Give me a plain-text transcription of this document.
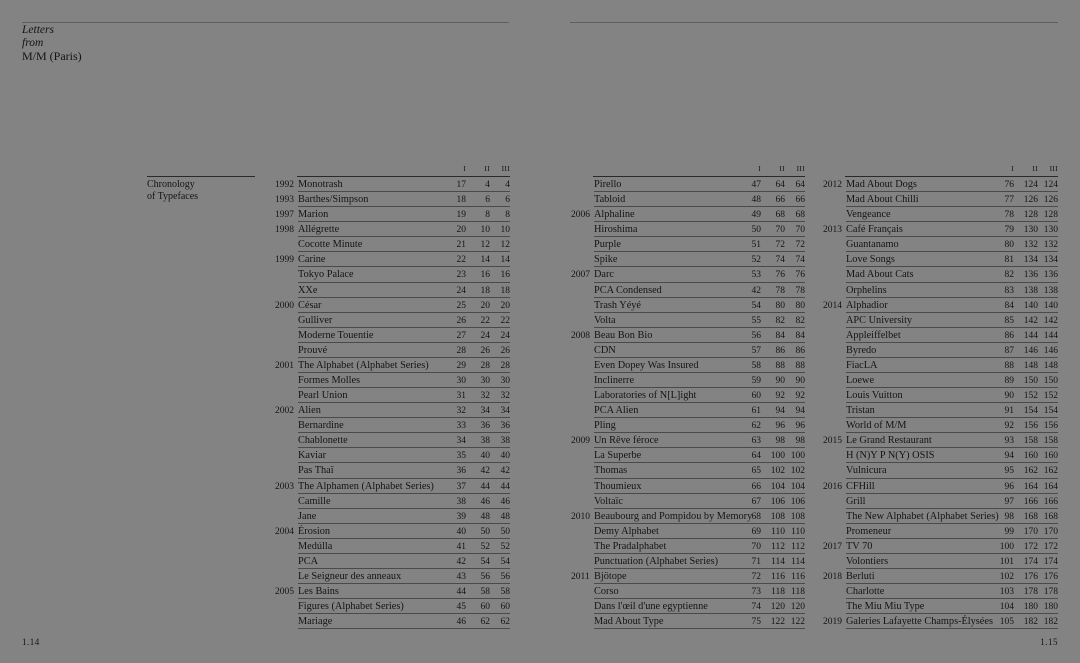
Letters
from
M/M (Paris)
Chronology
of Typefaces
I II III
1992 Monotrash	17 4 4
1993 Barthes/Simpson	18 6 6
1997 Marion	19 8 8
1998 Allégrette	20 10 10
Cocotte Minute	21 12 12
1999 Carine	22 14 14
Tokyo Palace	23 16 16
XXe	24 18 18
2000 César	25 20 20
Gulliver	26 22 22
Moderne Touentie	27 24 24
Prouvé	28 26 26
2001 The Alphabet (Alphabet Series)	29 28 28
Formes Molles	30 30 30
Pearl Union	31 32 32
2002 Alien	32 34 34
Bernardine	33 36 36
Chablonette	34 38 38
Kaviar	35 40 40
Pas Thaï	36 42 42
2003 The Alphamen (Alphabet Series) 37 44 44
Camille	38 46 46
Jane	39 48 48
2004 Érosion	40 50 50
Medúlla	41 52 52
PCA	42 54 54
Le Seigneur des anneaux	43 56 56
2005 Les Bains	44 58 58
Figures (Alphabet Series)	45 60 60
Mariage	46 62 62
I II III
Pirello	47 64 64
Tabloid	48 66 66
2006 Alphaline	49 68 68
Hiroshima	50 70 70
Purple	51 72 72
Spike	52 74 74
2007 Darc	53 76 76
PCA Condensed	42 78 78
Trash Yéyé	54 80 80
Volta	55 82 82
2008 Beau Bon Bio	56 84 84
CDN	57 86 86
Even Dopey Was Insured	58 88 88
Inclinerre	59 90 90
Laboratories of N[L]ight	60 92 92
PCA Alien	61 94 94
Pling	62 96 96
2009 Un Rêve féroce	63 98 98
La Superbe	64 100 100
Thomas	65 102 102
Thoumieux	66 104 104
Voltaïc	67 106 106
2010 Beaubourg and Pompidou by Memory 68 108 108
Demy Alphabet	69 110 110
The Pradalphabet	70 112 112
Punctuation (Alphabet Series)	71 114 114
2011 Bjötope	72 116 116
Corso	73 118 118
Dans l'œil d'une egyptienne	74 120 120
Mad About Type	75 122 122
I II III
2012 Mad About Dogs	76 124 124
Mad About Chilli	77 126 126
Vengeance	78 128 128
2013 Café Français	79 130 130
Guantanamo	80 132 132
Love Songs	81 134 134
Mad About Cats	82 136 136
Orphelins	83 138 138
2014 Alphadior	84 140 140
APC University	85 142 142
Appleiffelbet	86 144 144
Byredo	87 146 146
FiacLA	88 148 148
Loewe	89 150 150
Louis Vuitton	90 152 152
Tristan	91 154 154
World of M/M	92 156 156
2015 Le Grand Restaurant	93 158 158
H (N)Y P N(Y) OSIS	94 160 160
Vulnicura	95 162 162
2016 CFHill	96 164 164
Grill	97 166 166
The New Alphabet (Alphabet Series) 98 168 168
Promeneur	99 170 170
2017 TV 70	100 172 172
Volontiers	101 174 174
2018 Berluti	102 176 176
Charlotte	103 178 178
The Miu Miu Type	104 180 180
2019 Galeries Lafayette Champs-Élysées 105 182 182
1.14	1.15
